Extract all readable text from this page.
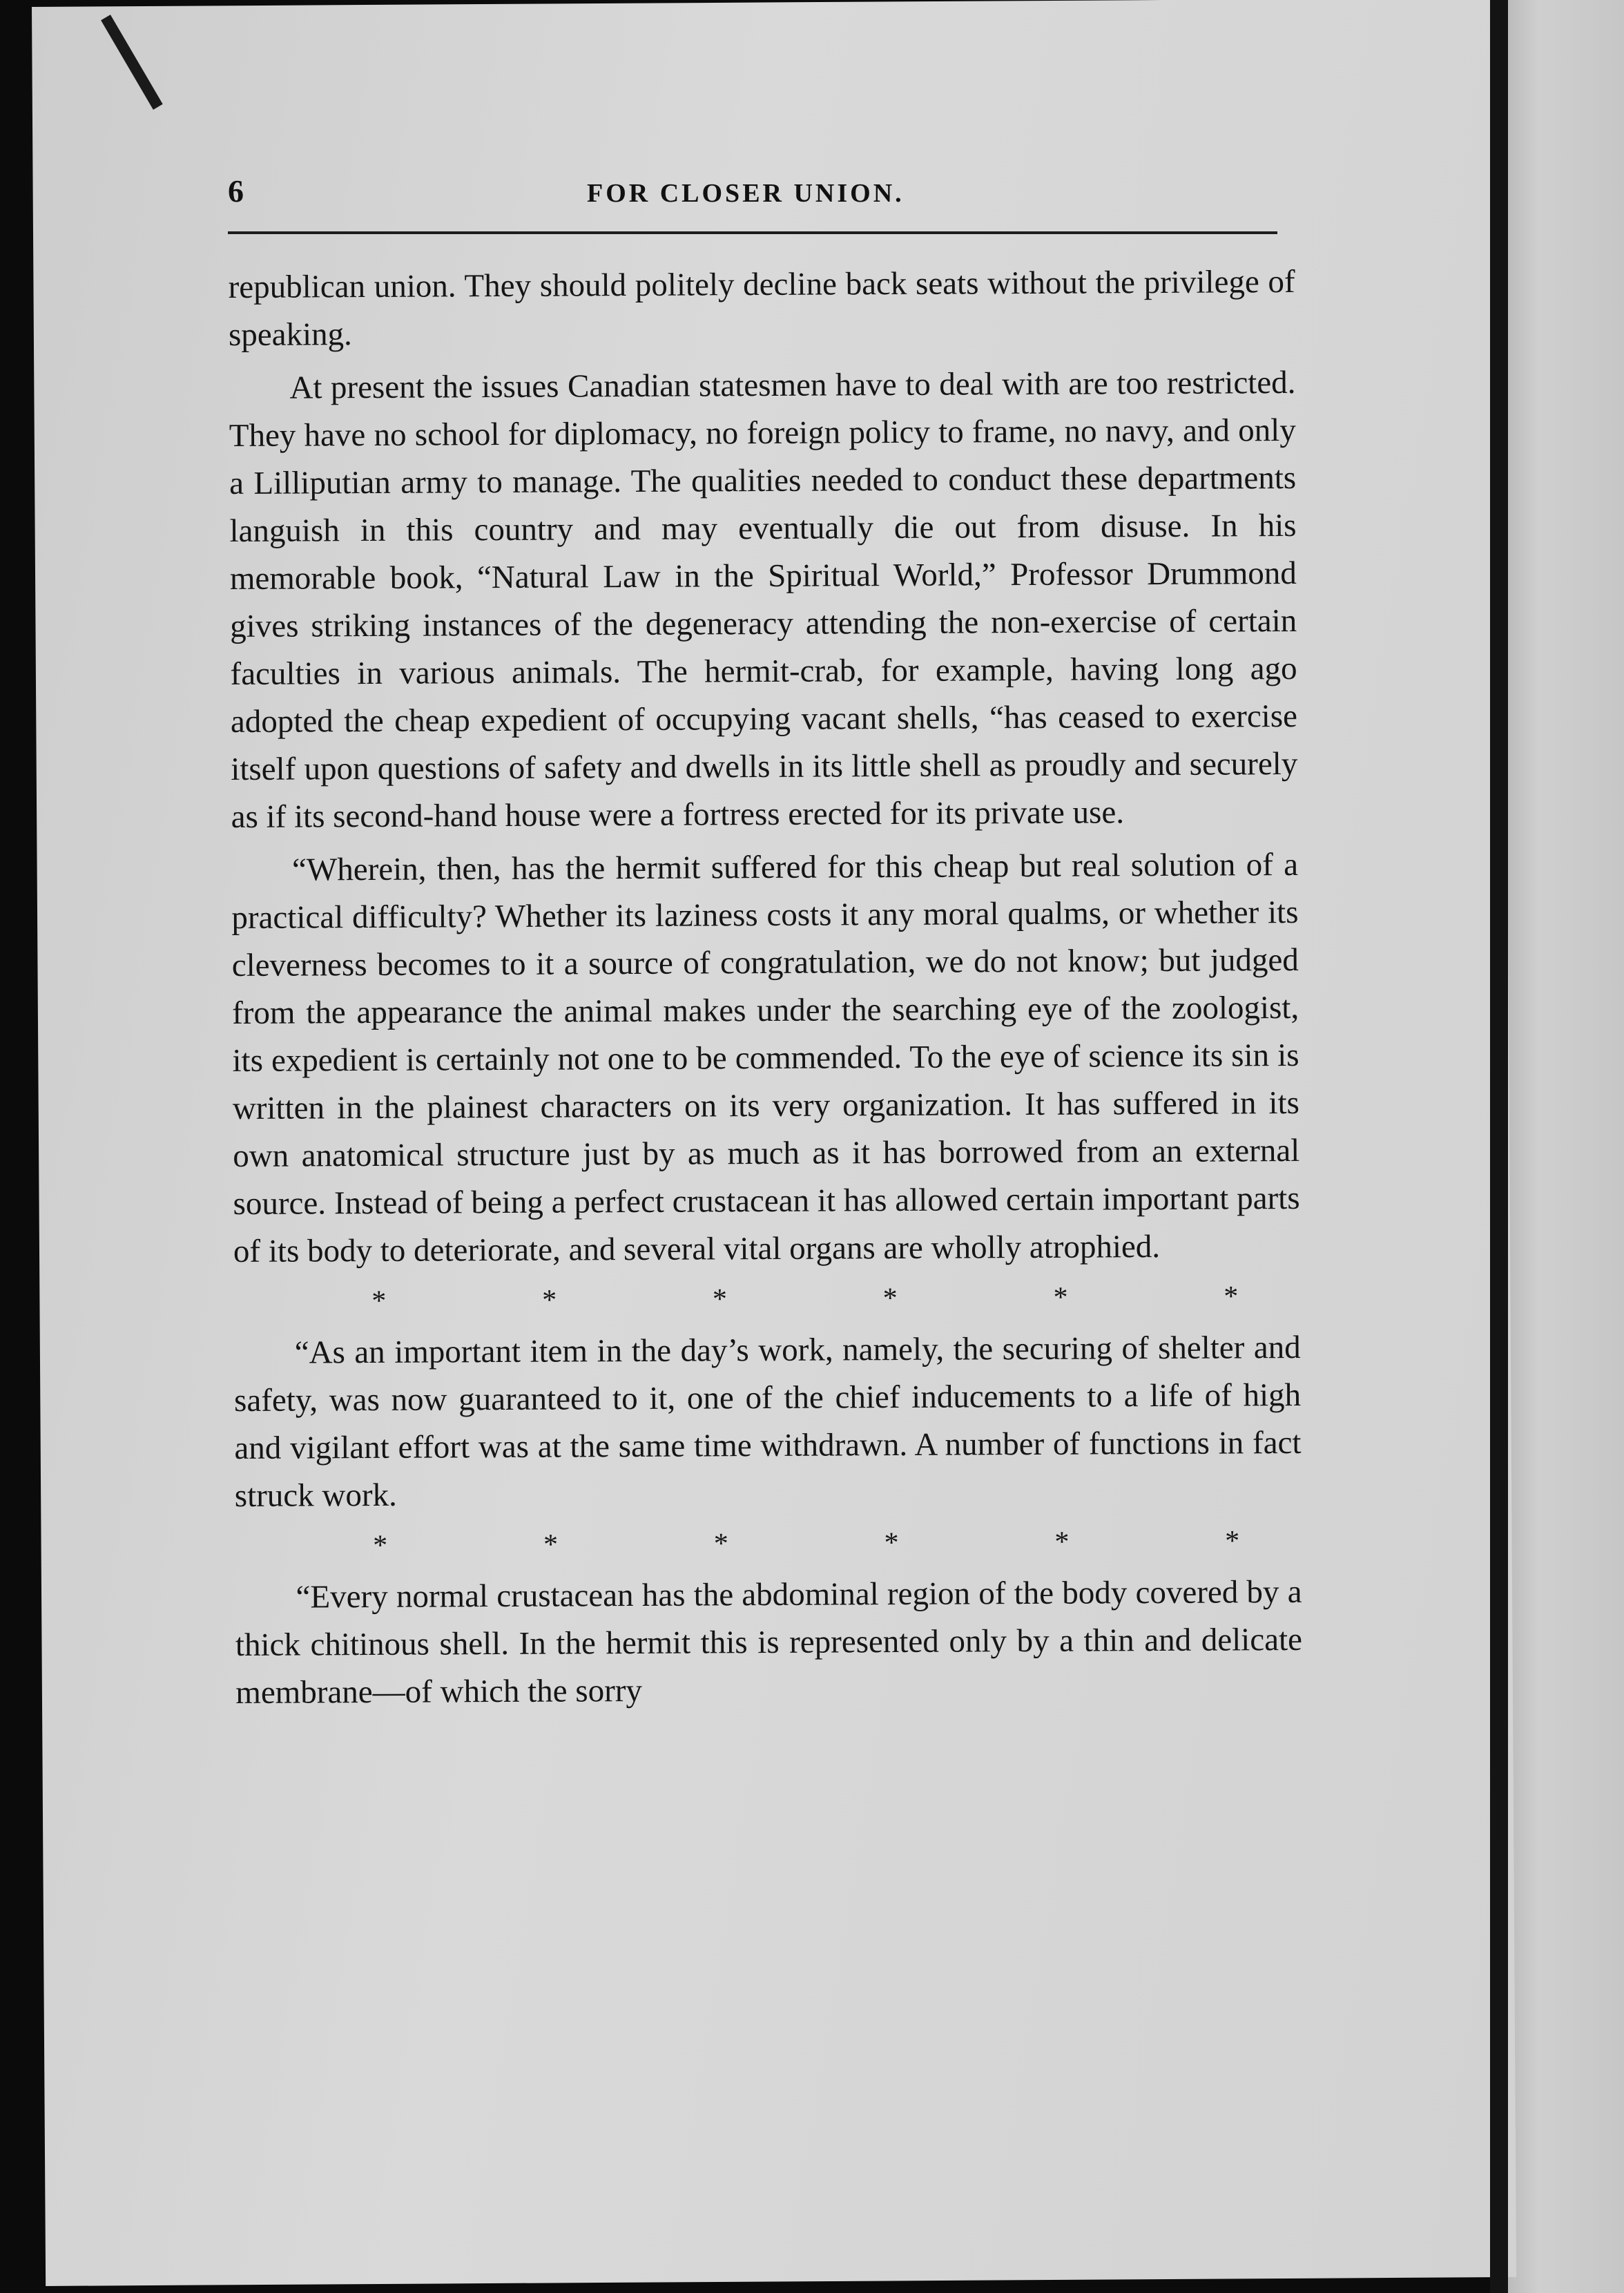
6	FOR CLOSER UNION.

republican union. They should politely decline back seats without the privilege of speaking.

At present the issues Canadian statesmen have to deal with are too restricted. They have no school for diplomacy, no foreign policy to frame, no navy, and only a Lilliputian army to manage. The qualities needed to conduct these departments languish in this country and may eventually die out from disuse. In his memorable book, “Natural Law in the Spiritual World,” Professor Drummond gives striking instances of the degeneracy attending the non-exercise of certain faculties in various animals. The hermit-crab, for example, having long ago adopted the cheap expedient of occupying vacant shells, “has ceased to exercise itself upon questions of safety and dwells in its little shell as proudly and securely as if its second-hand house were a fortress erected for its private use.

“Wherein, then, has the hermit suffered for this cheap but real solution of a practical difficulty? Whether its laziness costs it any moral qualms, or whether its cleverness becomes to it a source of congratulation, we do not know; but judged from the appearance the animal makes under the searching eye of the zoologist, its expedient is certainly not one to be commended. To the eye of science its sin is written in the plainest characters on its very organization. It has suffered in its own anatomical structure just by as much as it has borrowed from an external source. Instead of being a perfect crustacean it has allowed certain important parts of its body to deteriorate, and several vital organs are wholly atrophied.

*	*	*	*	*	*

“As an important item in the day’s work, namely, the securing of shelter and safety, was now guaranteed to it, one of the chief inducements to a life of high and vigilant effort was at the same time withdrawn. A number of functions in fact struck work.

*	*	*	*	*	*

“Every normal crustacean has the abdominal region of the body covered by a thick chitinous shell. In the hermit this is represented only by a thin and delicate membrane—of which the sorry
